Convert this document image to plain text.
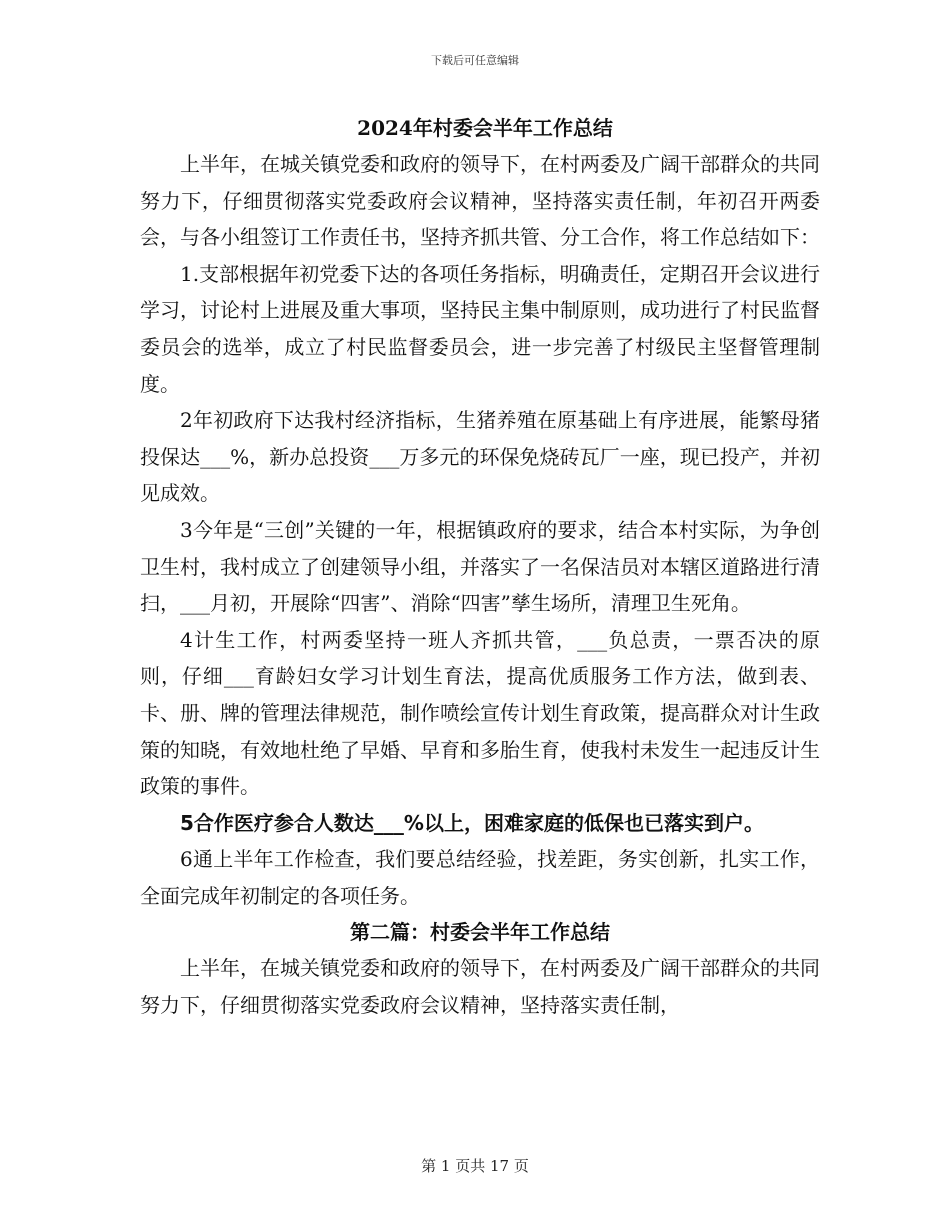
下载后可任意编辑
2024年村委会半年工作总结

上半年，在城关镇党委和政府的领导下，在村两委及广阔干部群众的共同努力下，仔细贯彻落实党委政府会议精神，坚持落实责任制，年初召开两委会，与各小组签订工作责任书，坚持齐抓共管、分工合作，将工作总结如下：

1.支部根据年初党委下达的各项任务指标，明确责任，定期召开会议进行学习，讨论村上进展及重大事项，坚持民主集中制原则，成功进行了村民监督委员会的选举，成立了村民监督委员会，进一步完善了村级民主坚督管理制度。

2年初政府下达我村经济指标，生猪养殖在原基础上有序进展，能繁母猪投保达___%，新办总投资___万多元的环保免烧砖瓦厂一座，现已投产，并初见成效。

3今年是“三创”关键的一年，根据镇政府的要求，结合本村实际，为争创卫生村，我村成立了创建领导小组，并落实了一名保洁员对本辖区道路进行清扫，___月初，开展除“四害”、消除“四害”孳生场所，清理卫生死角。

4计生工作，村两委坚持一班人齐抓共管，___负总责，一票否决的原则，仔细___育龄妇女学习计划生育法，提高优质服务工作方法，做到表、卡、册、牌的管理法律规范，制作喷绘宣传计划生育政策，提高群众对计生政策的知晓，有效地杜绝了早婚、早育和多胎生育，使我村未发生一起违反计生政策的事件。

5合作医疗参合人数达___%以上，困难家庭的低保也已落实到户。

6通上半年工作检查，我们要总结经验，找差距，务实创新，扎实工作，全面完成年初制定的各项任务。

第二篇：村委会半年工作总结

上半年，在城关镇党委和政府的领导下，在村两委及广阔干部群众的共同努力下，仔细贯彻落实党委政府会议精神，坚持落实责任制，

第 1 页共 17 页
